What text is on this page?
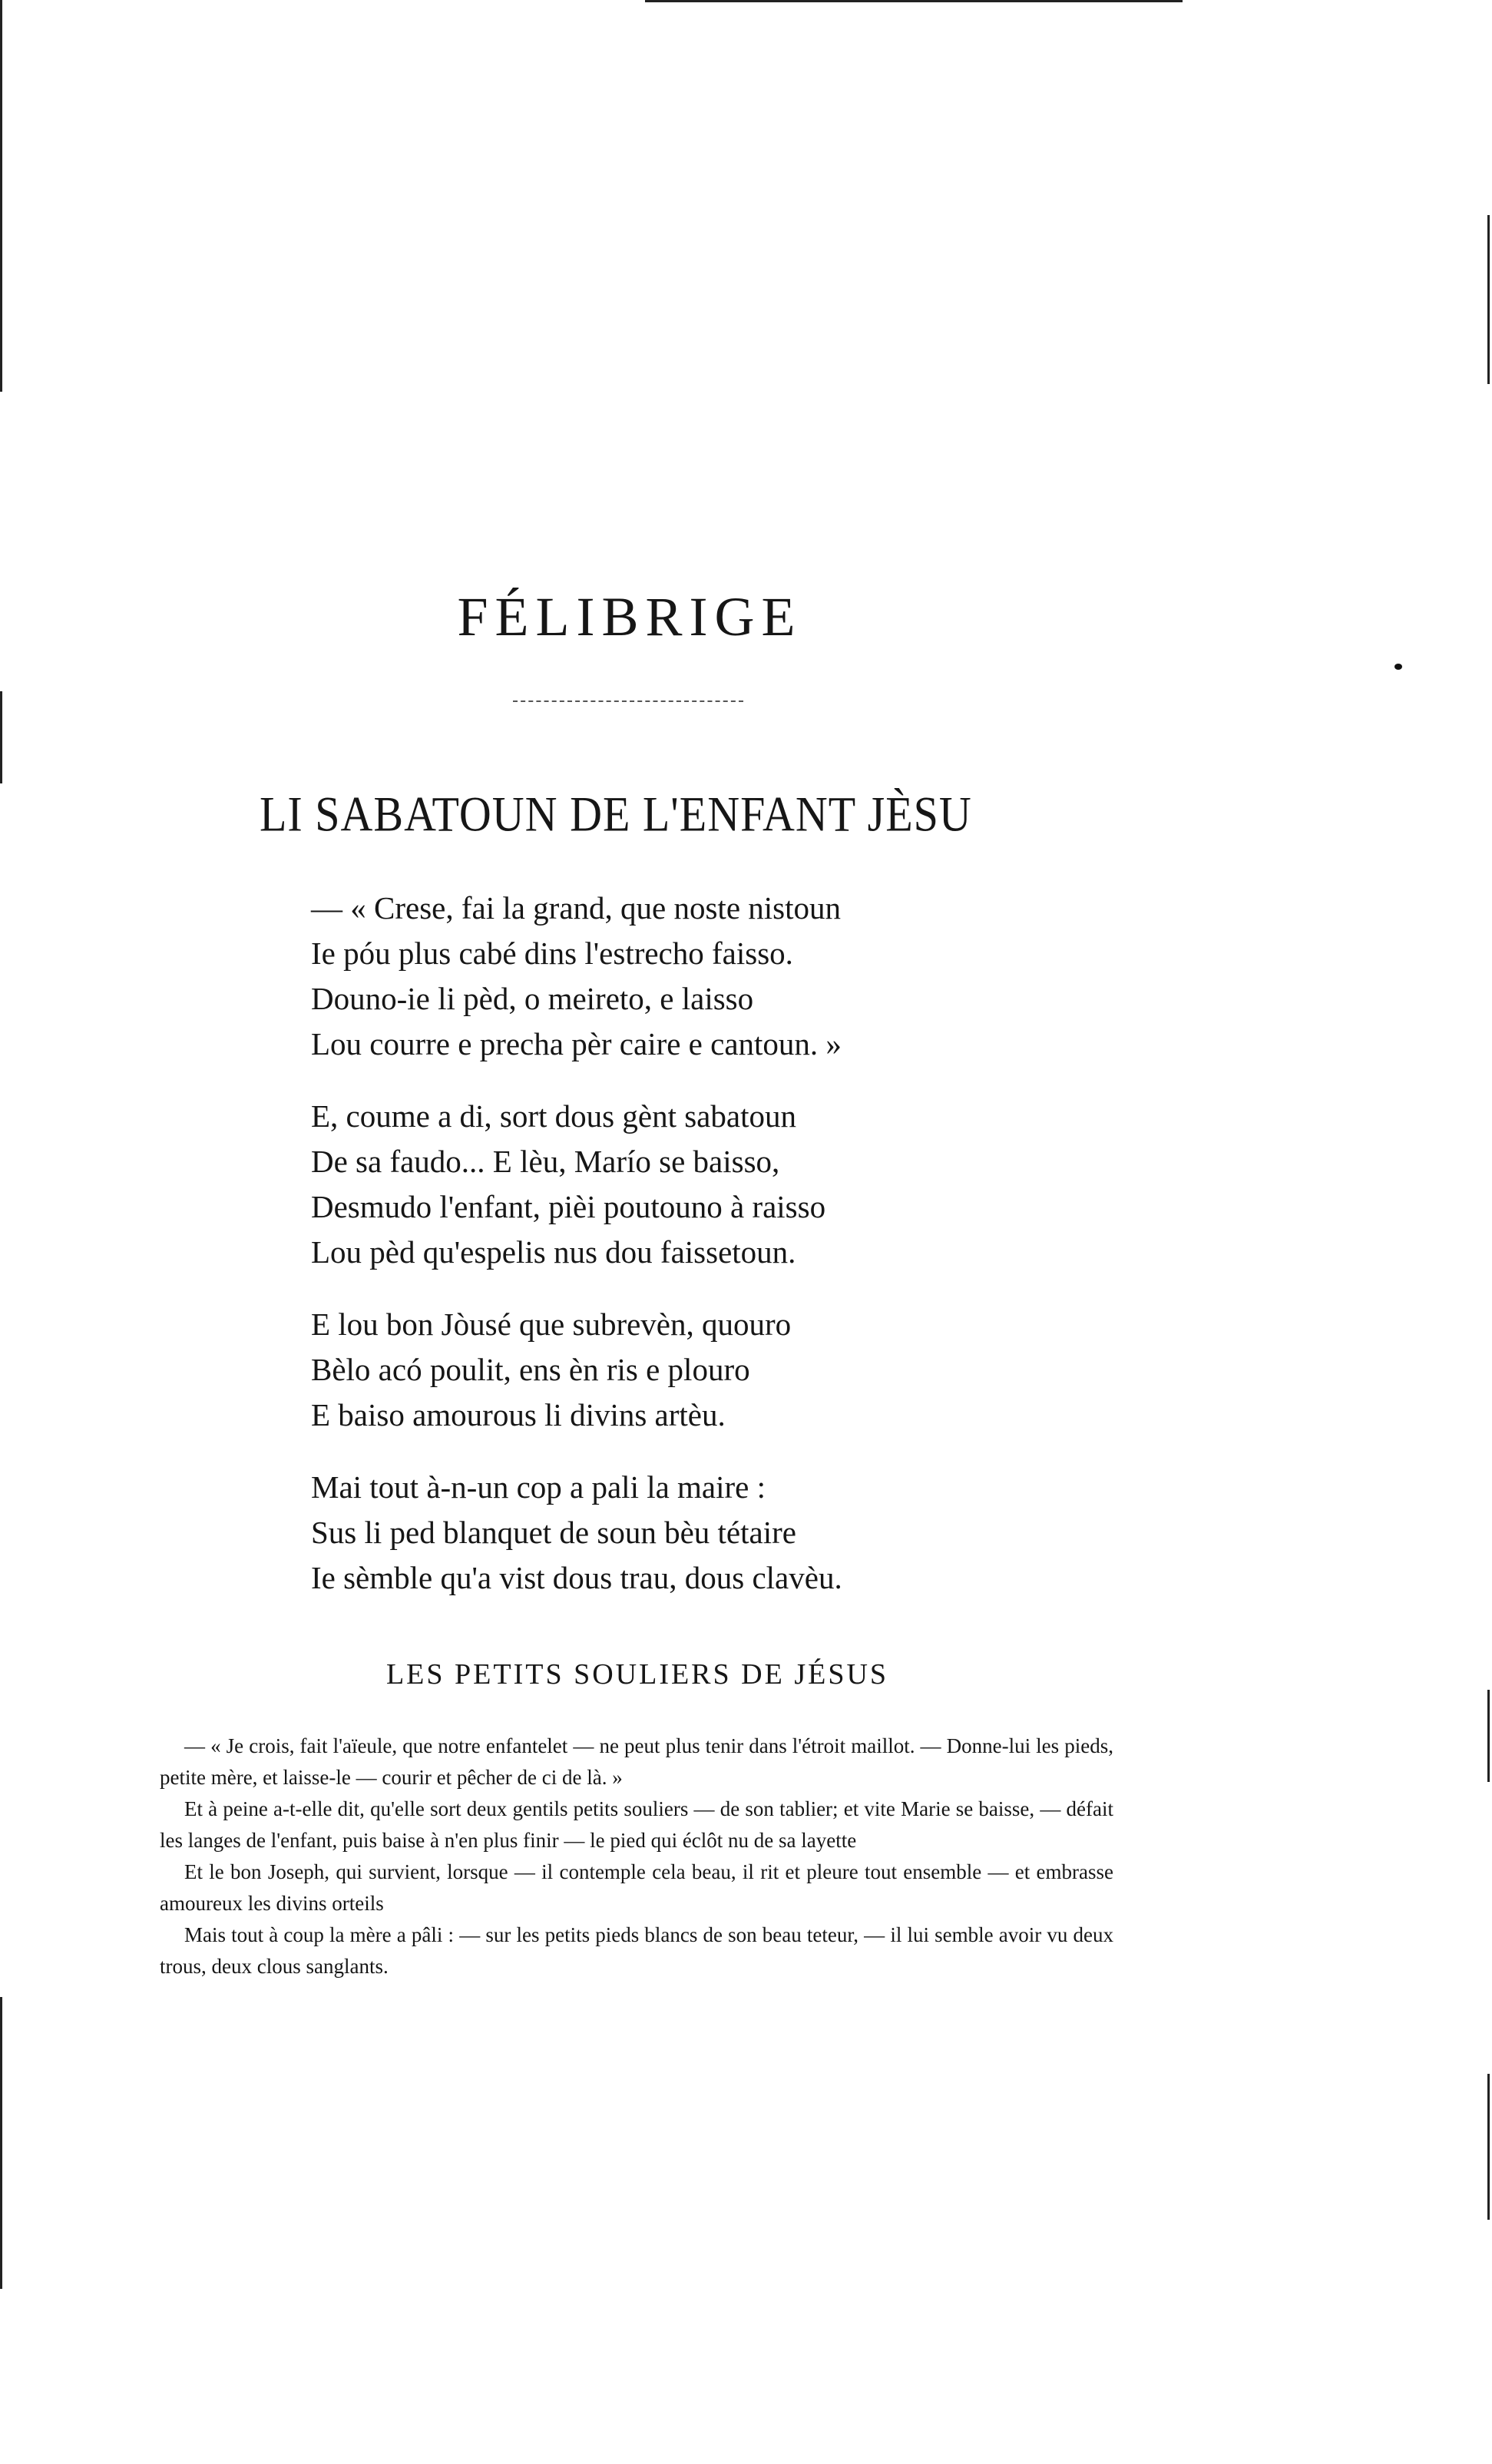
FÉLIBRIGE
LI SABATOUN DE L'ENFANT JÈSU
— « Crese, fai la grand, que noste nistoun
Ie póu plus cabé dins l'estrecho faisso.
Douno-ie li pèd, o meireto, e laisso
Lou courre e precha pèr caire e cantoun. »
E, coume a di, sort dous gènt sabatoun
De sa faudo... E lèu, Marío se baisso,
Desmudo l'enfant, pièi poutouno à raisso
Lou pèd qu'espelis nus dou faissetoun.
E lou bon Jòusé que subrevèn, quouro
Bèlo acó poulit, ens èn ris e plouro
E baiso amourous li divins artèu.
Mai tout à-n-un cop a pali la maire :
Sus li ped blanquet de soun bèu tétaire
Ie sèmble qu'a vist dous trau, dous clavèu.
LES PETITS SOULIERS DE JÉSUS

— « Je crois, fait l'aïeule, que notre enfantelet — ne peut plus tenir dans l'étroit maillot. — Donne-lui les pieds, petite mère, et laisse-le — courir et pêcher de ci de là. »

Et à peine a-t-elle dit, qu'elle sort deux gentils petits souliers — de son tablier; et vite Marie se baisse, — défait les langes de l'enfant, puis baise à n'en plus finir — le pied qui éclôt nu de sa layette

Et le bon Joseph, qui survient, lorsque — il contemple cela beau, il rit et pleure tout ensemble — et embrasse amoureux les divins orteils

Mais tout à coup la mère a pâli : — sur les petits pieds blancs de son beau teteur, — il lui semble avoir vu deux trous, deux clous sanglants.
